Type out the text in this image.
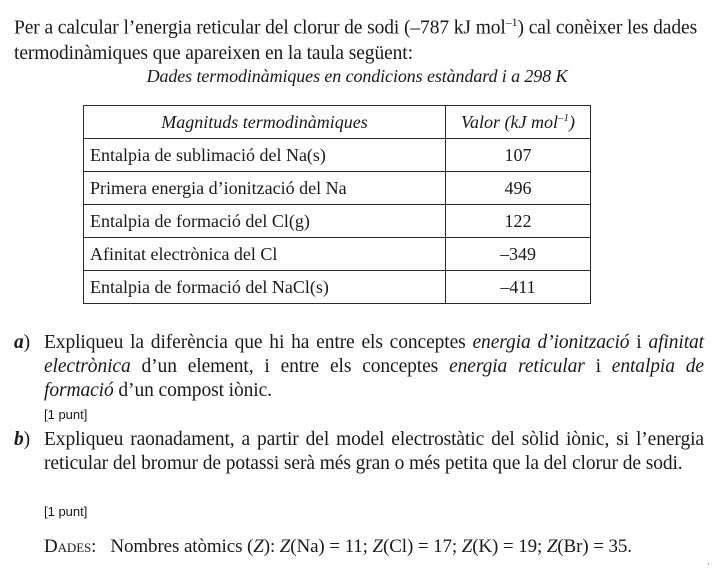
Per a calcular l’energia reticular del clorur de sodi (–787 kJ mol$^{-1}$) cal conèixer les dades termodinàmiques que apareixen en la taula següent:
Dades termodinàmiques en condicions estàndard i a 298 K
Magnituds termodinàmiques	Valor (kJ mol$^{-1}$)
Entalpia de sublimació del Na(s)	107
Primera energia d’ionització del Na	496
Entalpia de formació del Cl(g)	122
Afinitat electrònica del Cl	–349
Entalpia de formació del NaCl(s)	–411
a) Expliqueu la diferència que hi ha entre els conceptes energia d’ionització i afinitat electrònica d’un element, i entre els conceptes energia reticular i entalpia de formació d’un compost iònic.
[1 punt]
b) Expliqueu raonadament, a partir del model electrostàtic del sòlid iònic, si l’energia reticular del bromur de potassi serà més gran o més petita que la del clorur de sodi.
[1 punt]
Dades: Nombres atòmics (Z): Z(Na) = 11; Z(Cl) = 17; Z(K) = 19; Z(Br) = 35.
‘
